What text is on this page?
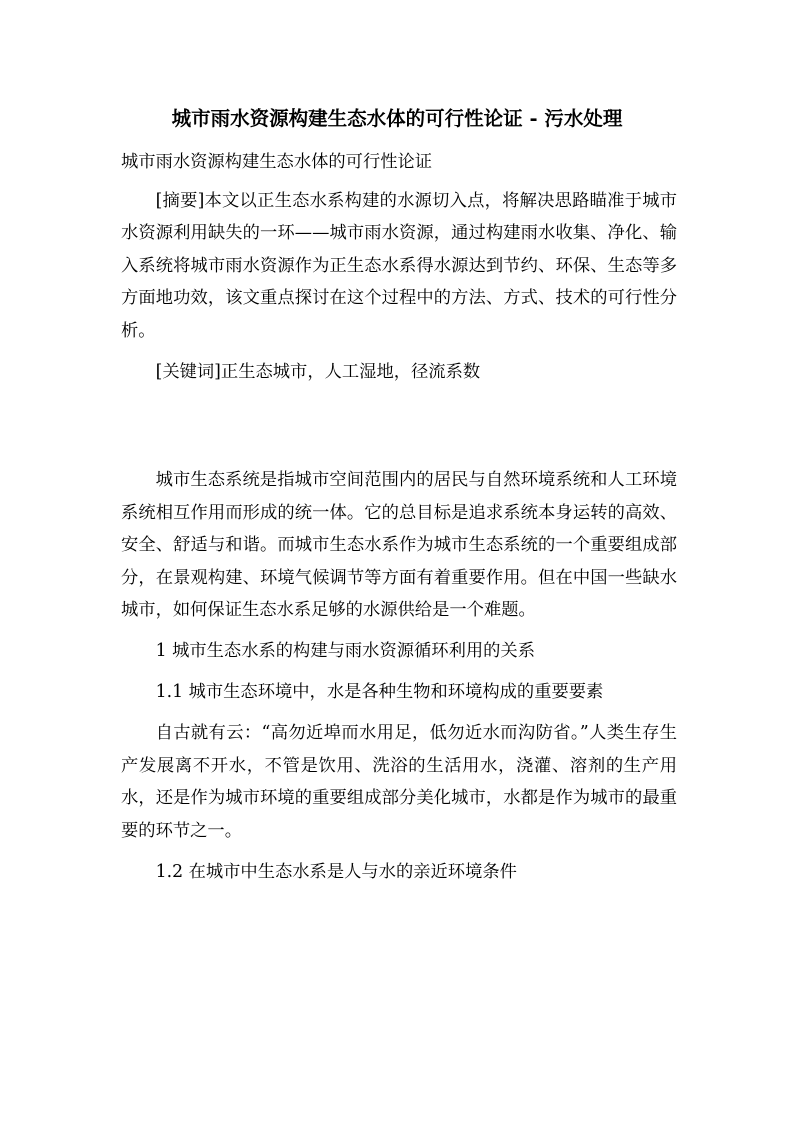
城市雨水资源构建生态水体的可行性论证 - 污水处理

城市雨水资源构建生态水体的可行性论证

[摘要]本文以正生态水系构建的水源切入点，将解决思路瞄准于城市水资源利用缺失的一环——城市雨水资源，通过构建雨水收集、净化、输入系统将城市雨水资源作为正生态水系得水源达到节约、环保、生态等多方面地功效，该文重点探讨在这个过程中的方法、方式、技术的可行性分析。

[关键词]正生态城市，人工湿地，径流系数

城市生态系统是指城市空间范围内的居民与自然环境系统和人工环境系统相互作用而形成的统一体。它的总目标是追求系统本身运转的高效、安全、舒适与和谐。而城市生态水系作为城市生态系统的一个重要组成部分，在景观构建、环境气候调节等方面有着重要作用。但在中国一些缺水城市，如何保证生态水系足够的水源供给是一个难题。

1 城市生态水系的构建与雨水资源循环利用的关系

1.1 城市生态环境中，水是各种生物和环境构成的重要要素

自古就有云：“高勿近埠而水用足，低勿近水而沟防省。”人类生存生产发展离不开水，不管是饮用、洗浴的生活用水，浇灌、溶剂的生产用水，还是作为城市环境的重要组成部分美化城市，水都是作为城市的最重要的环节之一。

1.2 在城市中生态水系是人与水的亲近环境条件
